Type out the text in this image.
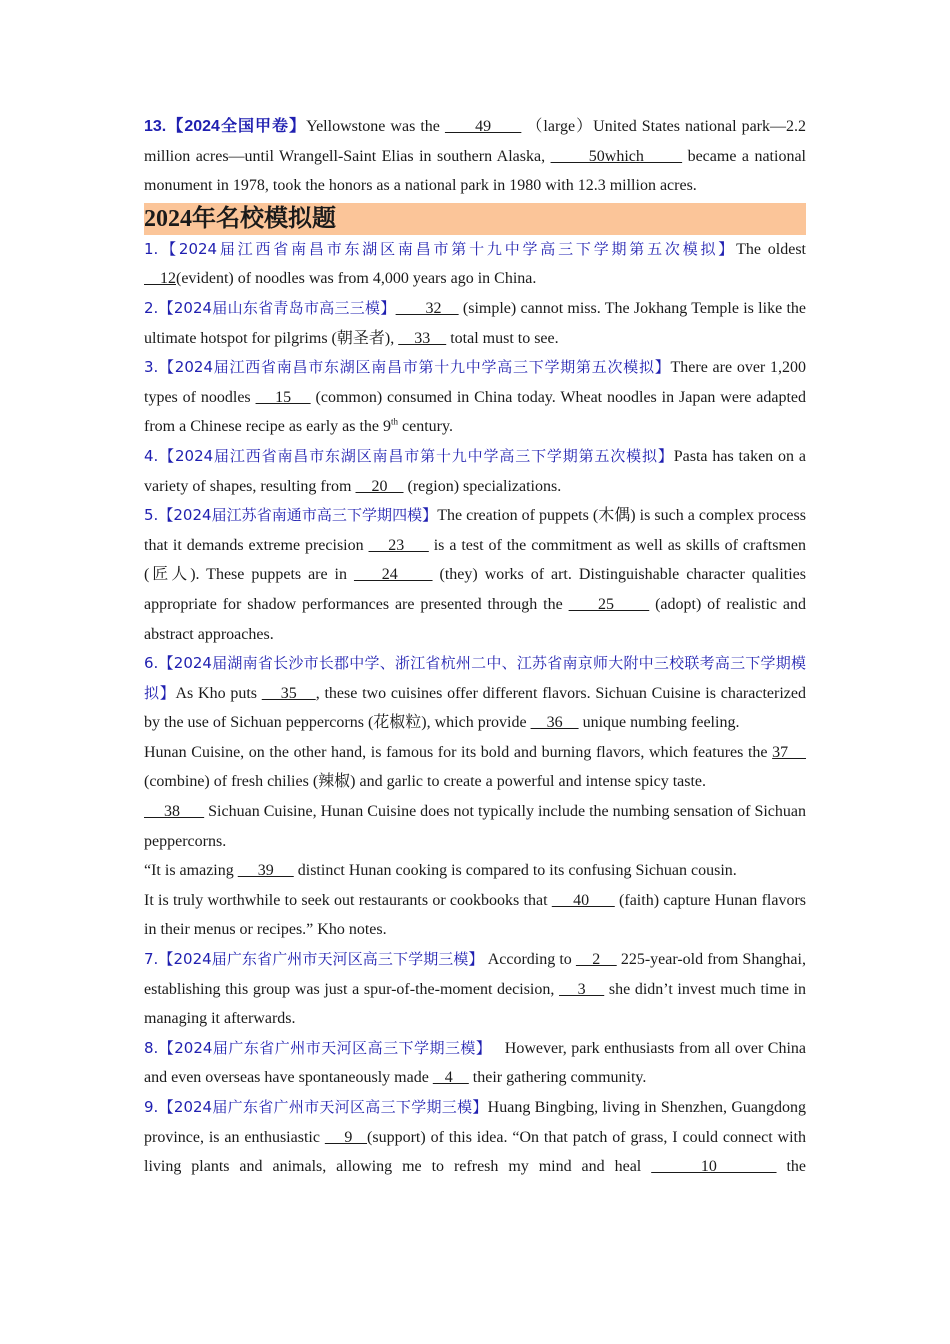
13.【2024全国甲卷】Yellowstone was the       49       （large）United States national park—2.2 million acres—until Wrangell-Saint Elias in southern Alaska,        50which        became a national monument in 1978, took the honors as a national park in 1980 with 12.3 million acres.

2024年名校模拟题

1.【2024届江西省南昌市东湖区南昌市第十九中学高三下学期第五次模拟】The oldest     12(evident) of noodles was from 4,000 years ago in China.

2.【2024届山东省青岛市高三三模】       32     (simple) cannot miss. The Jokhang Temple is like the ultimate hotspot for pilgrims (朝圣者),     33     total must to see.

3.【2024届江西省南昌市东湖区南昌市第十九中学高三下学期第五次模拟】There are over 1,200 types of noodles     15     (common) consumed in China today. Wheat noodles in Japan were adapted from a Chinese recipe as early as the 9th century.

4.【2024届江西省南昌市东湖区南昌市第十九中学高三下学期第五次模拟】Pasta has taken on a variety of shapes, resulting from     20     (region) specializations.

5.【2024届江苏省南通市高三下学期四模】The creation of puppets (木偶) is such a complex process that it demands extreme precision     23      is a test of the commitment as well as skills of craftsmen (匠人). These puppets are in     24      (they) works of art. Distinguishable character qualities appropriate for shadow performances are presented through the      25       (adopt) of realistic and abstract approaches.

6.【2024届湖南省长沙市长郡中学、浙江省杭州二中、江苏省南京师大附中三校联考高三下学期模拟】As Kho puts     35    , these two cuisines offer different flavors. Sichuan Cuisine is characterized by the use of Sichuan peppercorns (花椒粒), which provide     36     unique numbing feeling.

Hunan Cuisine, on the other hand, is famous for its bold and burning flavors, which features the 37     (combine) of fresh chilies (辣椒) and garlic to create a powerful and intense spicy taste.

38       Sichuan Cuisine, Hunan Cuisine does not typically include the numbing sensation of Sichuan peppercorns.

“It is amazing      39      distinct Hunan cooking is compared to its confusing Sichuan cousin.

It is truly worthwhile to seek out restaurants or cookbooks that      40       (faith) capture Hunan flavors in their menus or recipes.” Kho notes.

7.【2024届广东省广州市天河区高三下学期三模】 According to     2     225-year-old from Shanghai, establishing this group was just a spur-of-the-moment decision,     3     she didn’t invest much time in managing it afterwards.

8.【2024届广东省广州市天河区高三下学期三模】   However, park enthusiasts from all over China and even overseas have spontaneously made    4     their gathering community.

9.【2024届广东省广州市天河区高三下学期三模】Huang Bingbing, living in Shenzhen, Guangdong province, is an enthusiastic     9   (support) of this idea. “On that patch of grass, I could connect with living plants and animals, allowing me to refresh my mind and heal      10       the
